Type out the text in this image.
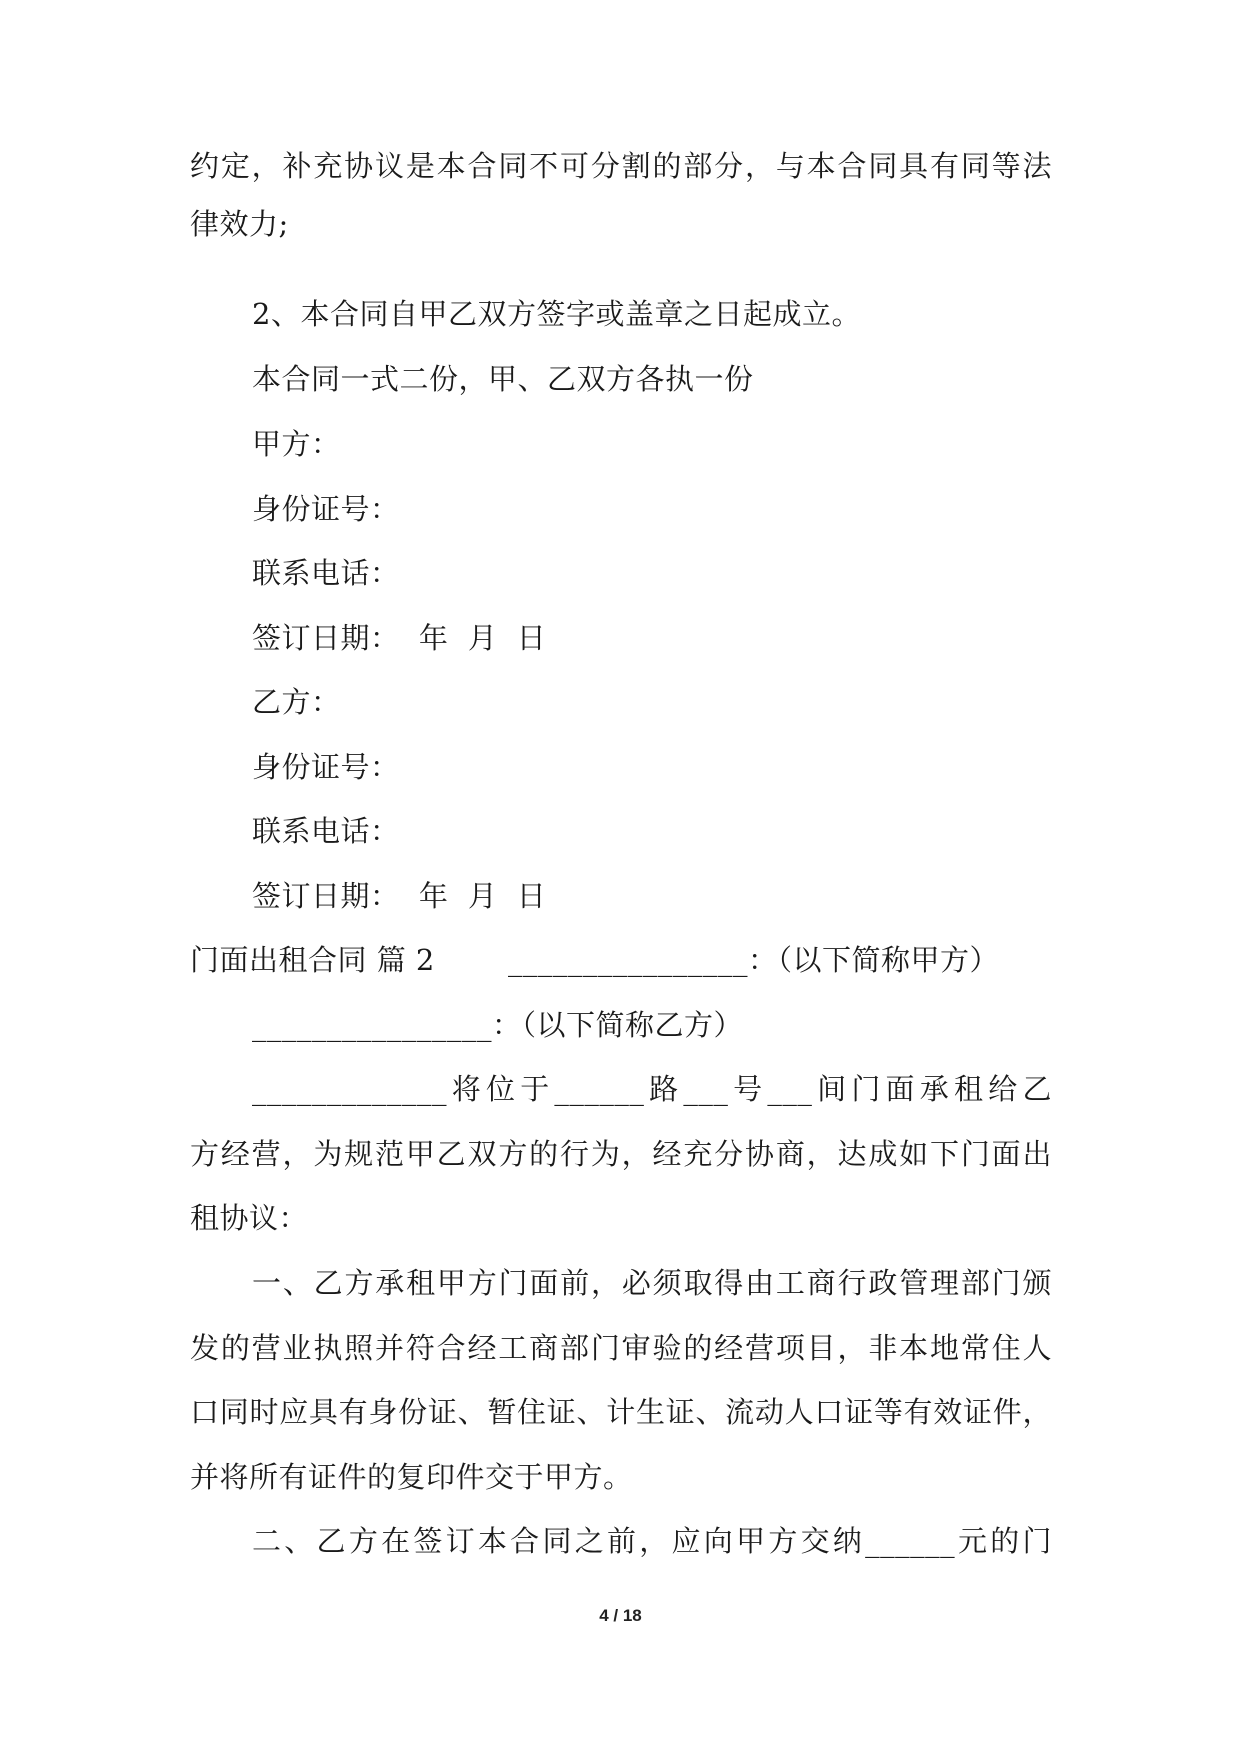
约定，补充协议是本合同不可分割的部分，与本合同具有同等法
律效力;
2、本合同自甲乙双方签字或盖章之日起成立。
本合同一式二份，甲、乙双方各执一份
甲方：
身份证号：
联系电话：
签订日期：  年  月  日
乙方：
身份证号：
联系电话：
签订日期：  年  月  日
门面出租合同 篇 2	________________：（以下简称甲方）
________________：（以下简称乙方）
_____________将位于______路___号___间门面承租给乙
方经营，为规范甲乙双方的行为，经充分协商，达成如下门面出
租协议：
一、乙方承租甲方门面前，必须取得由工商行政管理部门颁
发的营业执照并符合经工商部门审验的经营项目，非本地常住人
口同时应具有身份证、暂住证、计生证、流动人口证等有效证件，
并将所有证件的复印件交于甲方。
二、乙方在签订本合同之前，应向甲方交纳______元的门
4 / 18
